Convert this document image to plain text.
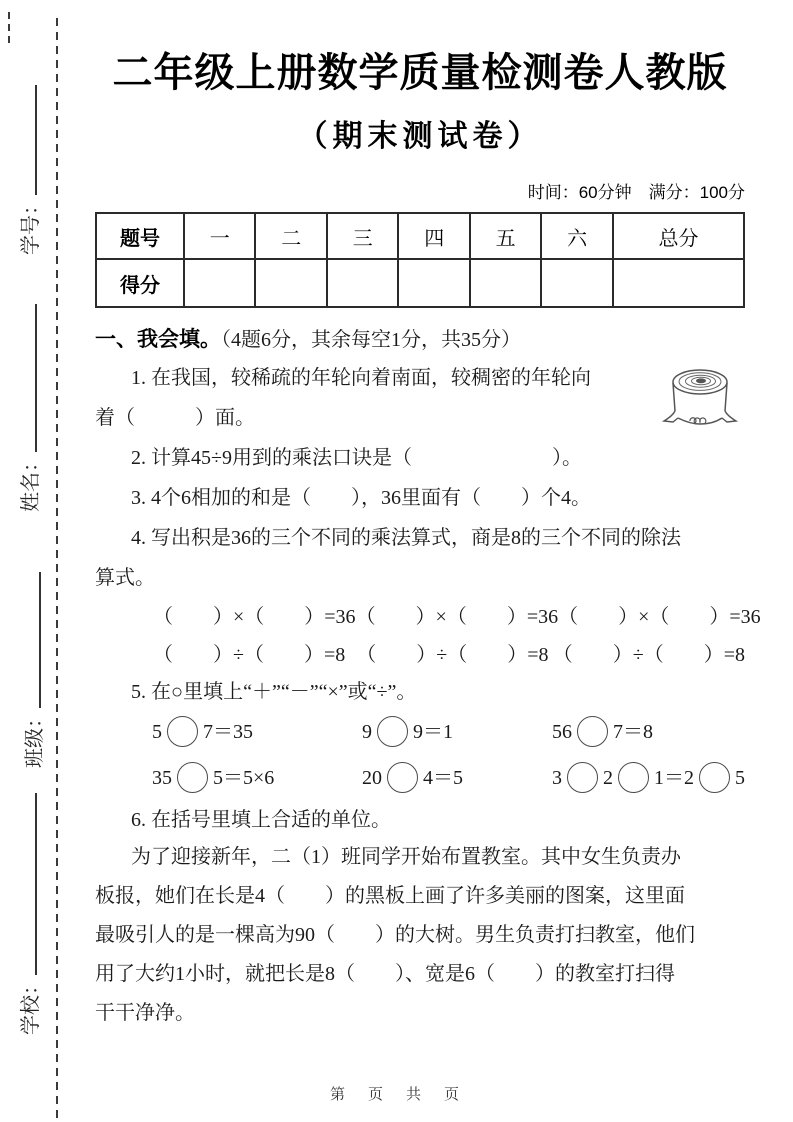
学号：
姓名：
班级：
学校：
二年级上册数学质量检测卷人教版
（期末测试卷）
时间：60分钟　满分：100分
题号	一	二	三	四	五	六	总分
得分							
一、我会填。（4题6分，其余每空1分，共35分）
1. 在我国，较稀疏的年轮向着南面，较稠密的年轮向
着（　　　）面。
2. 计算45÷9用到的乘法口诀是（　　　　　　　）。
3. 4个6相加的和是（　　），36里面有（　　）个4。
4. 写出积是36的三个不同的乘法算式，商是8的三个不同的除法
算式。
（　　）×（　　）=36 （　　）×（　　）=36 （　　）×（　　）=36
（　　）÷（　　）=8 （　　）÷（　　）=8 （　　）÷（　　）=8
5. 在○里填上“＋”“－”“×”或“÷”。
5 7＝35	9 9＝1	56 7＝8
35 5＝5×6	20 4＝5	3 2 1＝2 5
6. 在括号里填上合适的单位。
为了迎接新年，二（1）班同学开始布置教室。其中女生负责办
板报，她们在长是4（　　）的黑板上画了许多美丽的图案，这里面
最吸引人的是一棵高为90（　　）的大树。男生负责打扫教室，他们
用了大约1小时，就把长是8（　　）、宽是6（　　）的教室打扫得
干干净净。
第　页　共　页
